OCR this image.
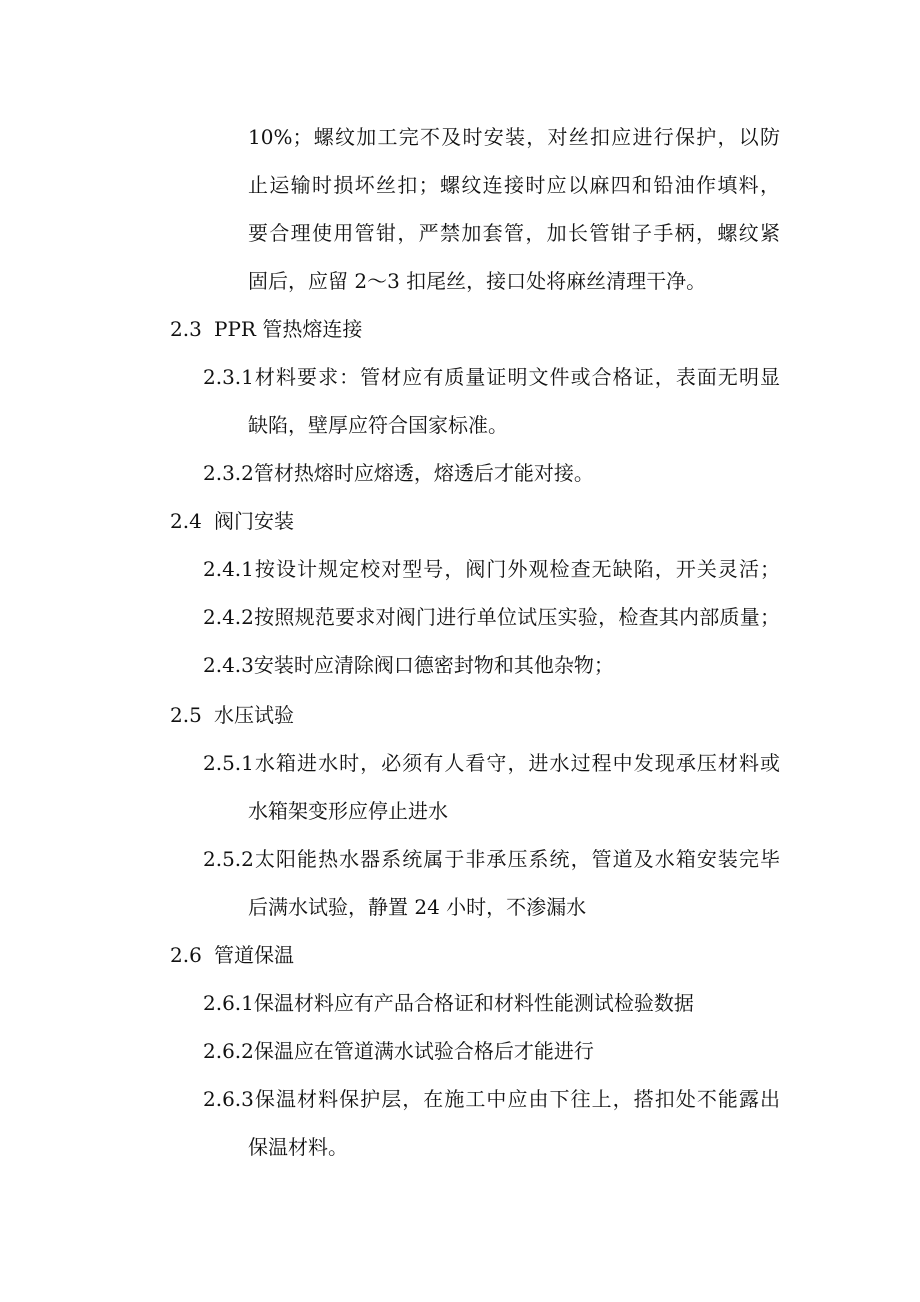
10%；螺纹加工完不及时安装，对丝扣应进行保护，以防
止运输时损坏丝扣；螺纹连接时应以麻四和铅油作填料，
要合理使用管钳，严禁加套管，加长管钳子手柄，螺纹紧
固后，应留 2～3 扣尾丝，接口处将麻丝清理干净。
2.3 PPR 管热熔连接
2.3.1材料要求：管材应有质量证明文件或合格证，表面无明显
缺陷，壁厚应符合国家标准。
2.3.2管材热熔时应熔透，熔透后才能对接。
2.4 阀门安装
2.4.1按设计规定校对型号，阀门外观检查无缺陷，开关灵活；
2.4.2按照规范要求对阀门进行单位试压实验，检查其内部质量；
2.4.3安装时应清除阀口德密封物和其他杂物；
2.5 水压试验
2.5.1水箱进水时，必须有人看守，进水过程中发现承压材料或
水箱架变形应停止进水
2.5.2太阳能热水器系统属于非承压系统，管道及水箱安装完毕
后满水试验，静置 24 小时，不渗漏水
2.6 管道保温
2.6.1保温材料应有产品合格证和材料性能测试检验数据
2.6.2保温应在管道满水试验合格后才能进行
2.6.3保温材料保护层，在施工中应由下往上，搭扣处不能露出
保温材料。
